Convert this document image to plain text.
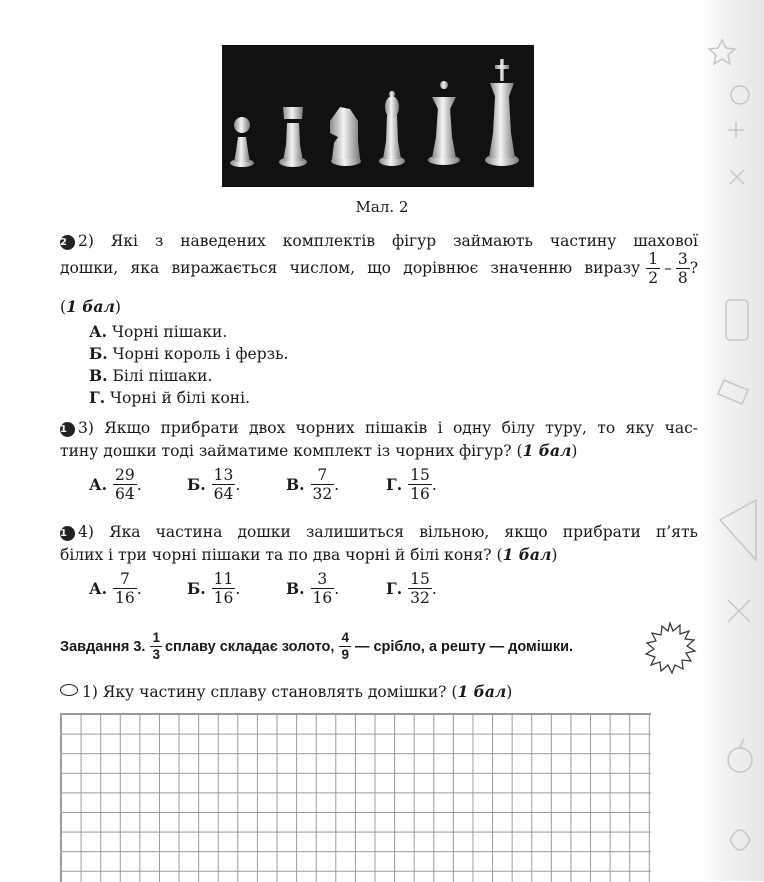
Мал. 2
2 2) Які з наведених комплектів фігур займають частину шахової
дошки, яка виражається числом, що дорівнює значенню виразу $\frac{1}{2} - \frac{3}{8}$ ?
(1 бал)
А. Чорні пішаки.
Б. Чорні король і ферзь.
В. Білі пішаки.
Г. Чорні й білі коні.
1 3) Якщо прибрати двох чорних пішаків і одну білу туру, то яку час-
тину дошки тоді займатиме комплект із чорних фігур? (1 бал)
А. $\frac{29}{64}$ .	Б. $\frac{13}{64}$ .	В. $\frac{7}{32}$ .	Г. $\frac{15}{16}$ .
1 4) Яка частина дошки залишиться вільною, якщо прибрати п’ять
білих і три чорні пішаки та по два чорні й білі коня? (1 бал)
А. $\frac{7}{16}$ .	Б. $\frac{11}{16}$ .	В. $\frac{3}{16}$ .	Г. $\frac{15}{32}$ .
Завдання 3. $\frac{1}{3}$ сплаву складає золото, $\frac{4}{9}$ — срібло, а решту — домішки.
1) Яку частину сплаву становлять домішки? (1 бал)
